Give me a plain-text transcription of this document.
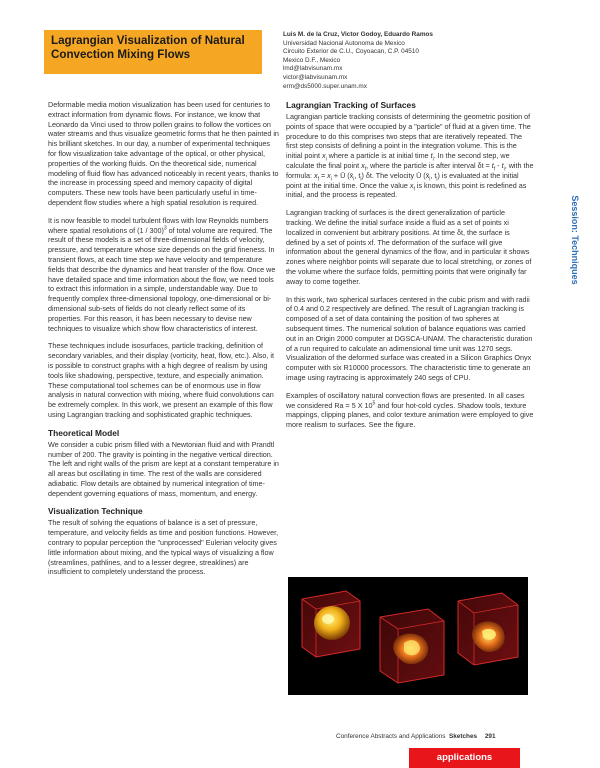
Lagrangian Visualization of Natural
Convection Mixing Flows
Luis M. de la Cruz, Victor Godoy, Eduardo Ramos
Universidad Nacional Autonoma de Mexico
Circuito Exterior de C.U., Coyoacan, C.P. 04510
Mexico D.F., Mexico
lmd@labvisunam.mx
victor@labvisunam.mx
erm@ds5000.super.unam.mx

Deformable media motion visualization has been used for centuries to extract information from dynamic flows. For instance, we know that Leonardo da Vinci used to throw pollen grains to follow the vortices on water streams and thus visualize geometric forms that he then painted in his brilliant sketches. In our day, a number of experimental techniques for flow visualization take advantage of the optical, or other physical, properties of the working fluids. On the theoretical side, numerical modeling of fluid flow has advanced noticeably in recent years, thanks to the increase in processing speed and memory capacity of digital computers. These new tools have been particularly useful in time-dependent flow studies where a high spatial resolution is required.

It is now feasible to model turbulent flows with low Reynolds numbers where spatial resolutions of (1 / 300)$^3$ of total volume are required. The result of these models is a set of three-dimensional fields of velocity, pressure, and temperature whose size depends on the grid fineness. In transient flows, at each time step we have velocity and temperature fields that describe the dynamics and heat transfer of the flow. Once we have detailed space and time information about the flow, we need tools to extract this information in a simple, understandable way. Due to frequently complex three-dimensional topology, one-dimensional or bi-dimensional sub-sets of fields do not clearly reflect some of its properties. For this reason, it has been necessary to devise new techniques to visualize which show flow characteristics of interest.

These techniques include isosurfaces, particle tracking, definition of secondary variables, and their display (vorticity, heat, flow, etc.). Also, it is possible to construct graphs with a high degree of realism by using tools like shadowing, perspective, texture, and especially animation. These computational tool schemes can be of enormous use in flow analysis in natural convection with mixing, where fluid convolutions can be extremely complex. In this work, we present an example of this flow using Lagrangian tracking and sophisticated graphic techniques.

Theoretical Model

We consider a cubic prism filled with a Newtonian fluid and with Prandtl number of 200. The gravity is pointing in the negative vertical direction. The left and right walls of the prism are kept at a constant temperature in all areas but oscillating in time. The rest of the walls are considered adiabatic. Flow details are obtained by numerical integration of time-dependent governing equations of mass, momentum, and energy.

Visualization Technique

The result of solving the equations of balance is a set of pressure, temperature, and velocity fields as time and position functions. However, contrary to popular perception the "unprocessed" Eulerian velocity gives little information about mixing, and the typical ways of visualizing a flow (streamlines, pathlines, and to a lesser degree, streaklines) are insufficient to completely understand the process.

Lagrangian Tracking of Surfaces

Lagrangian particle tracking consists of determining the geometric position of points of space that were occupied by a "particle" of fluid at a given time. The procedure to do this comprises two steps that are iteratively repeated. The first step consists of defining a point in the integration volume. This is the initial point $x_i$ where a particle is at initial time $t_i$. In the second step, we calculate the final point $x_f$, where the particle is after interval $\delta t = t_f - t_i$, with the formula: $x_f = x_i$ + Ū ($x̄_i$, $t_i$) δt. The velocity Ū ($x̄_i$, $t_i$) is evaluated at the initial point at the initial time. Once the value $x_f$ is known, this point is redefined as initial, and the process is repeated.

Lagrangian tracking of surfaces is the direct generalization of particle tracking. We define the initial surface inside a fluid as a set of points xi localized in convenient but arbitrary positions. At time δt, the surface is defined by a set of points xf. The deformation of the surface will give information about the general dynamics of the flow, and in particular it shows zones where neighbor points will separate due to local stretching, or zones of the volume where the surface folds, permitting points that were originally far away to come together.

In this work, two spherical surfaces centered in the cubic prism and with radii of 0.4 and 0.2 respectively are defined. The result of Lagrangian tracking is composed of a set of data containing the position of two spheres at subsequent times. The numerical solution of balance equations was carried out in an Origin 2000 computer at DGSCA-UNAM. The characteristic duration of a run required to calculate an adimensional time unit was 1270 segs. Visualization of the deformed surface was created in a Silicon Graphics Onyx computer with six R10000 processors. The characteristic time to generate an image using raytracing is approximately 240 segs of CPU.

Examples of oscillatory natural convection flows are presented. In all cases we considered Ra = 5 X $10^5$ and four hot-cold cycles. Shadow tools, texture mappings, clipping planes, and color texture animation were employed to give more realism to surfaces. See the figure.

Session: Techniques
Conference Abstracts and Applications Sketches 291
applications
